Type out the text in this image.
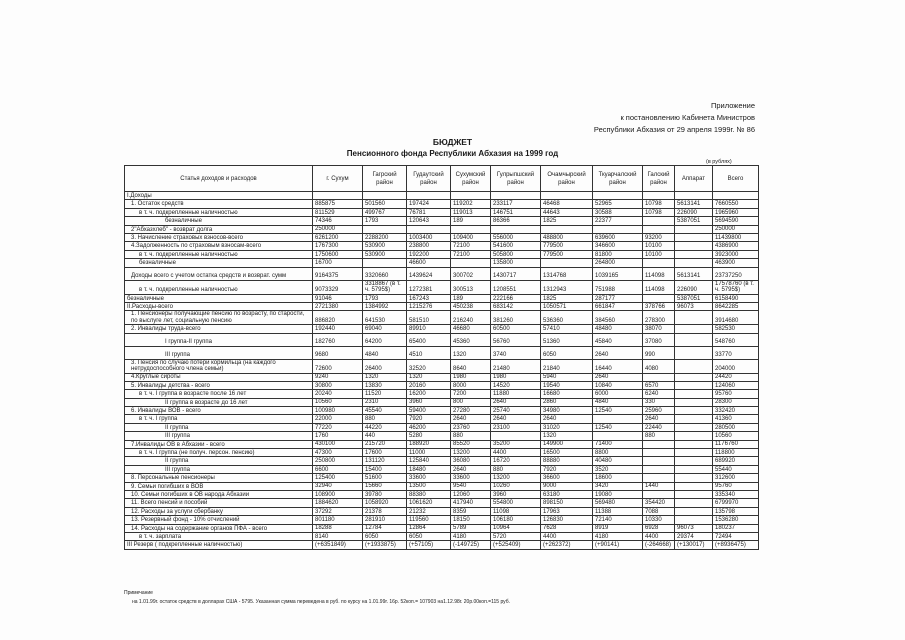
Приложение
к постановлению Кабинета Министров
Республики Абхазия от 29 апреля 1999г. № 86
БЮДЖЕТ
Пенсионного фонда Республики Абхазия на 1999 год
(в рублях)
Статья доходов и расходов	г. Сухум	Гагрский район	Гудаутский район	Сухумский район	Гулрыпшский район	Очамчырский район	Ткуарчалский район	Галский район	Аппарат	Всего
I.Доходы										
1. Остаток средств	885875	501560	197424	119202	233117	46468	52965	10798	5613141	7660550
в т. ч. подкрепленные наличностью	811529	499767	76781	119013	146751	44643	30588	10798	226090	1965960
безналичные	74346	1793	120643	189	86366	1825	22377		5387051	5694590
2"Абхазхлеб" - возврат долга	250000									250000
3. Начисление страховых взносов-всего	6261200	2288200	1003400	109400	556000	488800	639600	93200		11439800
4.Задолженность по страховым взносам-всего	1767300	530900	238800	72100	541600	779500	346600	10100		4386900
в т. ч. подкрепленные наличностью	1750600	530900	192200	72100	505800	779500	81800	10100		3923000
безналичные	16700		46600		135800		264800			463900
Доходы всего с учетом остатка средств и возврат. сумм	9164375	3320660	1439624	300702	1430717	1314768	1039165	114098	5613141	23737250
в т. ч. подкрепленные наличностью	9073329	3318867 (в т. ч. 5795$)	1272381	300513	1208551	1312943	751988	114098	226090	17578760 (в т. ч. 5795$)
безналичные	91046	1793	167243	189	222166	1825	287177		5387051	6158490
II.Расходы-всего	2721380	1384992	1215276	450238	683142	1050571	661847	378766	96073	8642285
1. Пенсионеры получающие пенсию по возрасту, по старости, по выслуге лет, социальную пенсию	886820	641530	581510	216240	381260	536360	384560	278300		3914680
2. Инвалиды труда-всего	192440	69040	89910	46680	60500	57410	48480	38070		582530
I группа-II группа	182760	64200	65400	45360	56760	51360	45840	37080		548760
III группа	9680	4840	4510	1320	3740	6050	2640	990		33770
3. Пенсия по случаю потери кормильца (на каждого нетрудоспособного члена семьи)	72600	26400	32520	8640	21480	21840	16440	4080		204000
4.Круглые сироты	9240	1320	1320	1980	1980	5940	2640			24420
5. Инвалиды детства - всего	30800	13830	20160	8000	14520	19540	10840	6570		124060
в т. ч. I группа в возрасте после 16 лет	20240	11520	16200	7200	11880	16680	6000	6240		95760
II группа в возрасте до 16 лет	10560	2310	3960	800	2640	2860	4840	330		28300
6. Инвалиды ВОВ - всего	100980	45540	59400	27280	25740	34980	12540	25960		332420
в т. ч. I группа	22000	880	7920	2640	2640	2640		2640		41360
II группа	77220	44220	46200	23760	23100	31020	12540	22440		280500
III группа	1760	440	5280	880		1320		880		10560
7.Инвалиды ОВ в Абхазии - всего	430100	215720	188920	85520	35200	149900	71400			1176760
в т. ч. I группа (не получ. персон. пенсию)	47300	17600	11000	13200	4400	16500	8800			118800
II группа	250800	131120	125840	36080	16720	88880	40480			689920
III группа	6600	15400	18480	2640	880	7920	3520			55440
8. Персональные пенсионеры	125400	51600	33600	33600	13200	36600	18600			312600
9. Семьи погибших в ВОВ	32940	15660	13500	9540	10260	9000	3420	1440		95760
10. Семьи погибших в ОВ народа Абхазии	108900	39780	88380	12060	3960	63180	19080			335340
11. Всего пенсий и пособий	1884620	1058920	1061620	417940	554800	898150	569480	354420		6799970
12. Расходы за услуги сбербанку	37292	21378	21232	8359	11098	17963	11388	7088		135798
13. Резервный фонд - 10% отчислений	801180	281910	119560	18150	106180	126830	72140	10330		1536280
14. Расходы на содержание органов ПФА - всего	18288	12784	12864	5789	10964	7628	8919	6928	96073	180237
в т. ч. зарплата	8140	6050	6050	4180	5720	4400	4180	4400	29374	72494
III Резерв ( подкрепленные наличностью)	(+6351849)	(+1933875)	(+57105)	(-149725)	(+525409)	(+262372)	(+90141)	(-264668)	(+130017)	(+8936475)
Примечание
на 1.01.99г. остаток средств в долларах США - 5795. Указанная сумма переведена в руб. по курсу на 1.01.99г. 16р. 52коп.= 107903 на1.12.98г. 20р.00коп.=115 руб.
